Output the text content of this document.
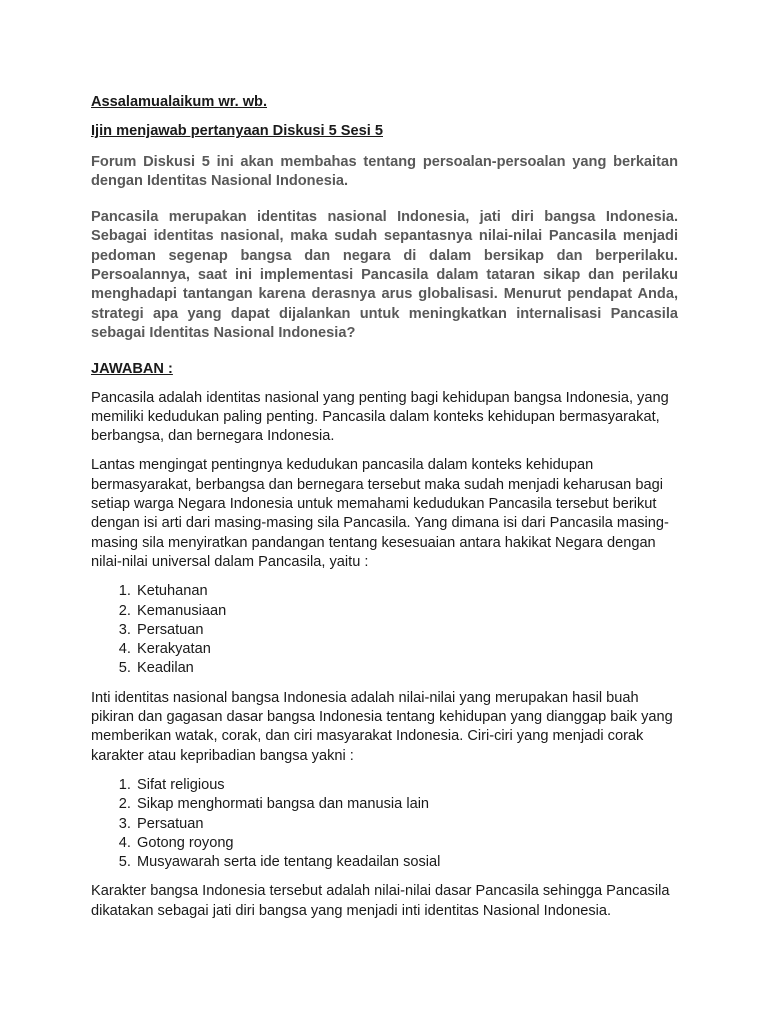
Assalamualaikum wr. wb.

Ijin menjawab pertanyaan Diskusi 5 Sesi 5

Forum Diskusi 5 ini akan membahas tentang persoalan-persoalan yang berkaitan dengan Identitas Nasional Indonesia.

Pancasila merupakan identitas nasional Indonesia, jati diri bangsa Indonesia. Sebagai identitas nasional, maka sudah sepantasnya nilai-nilai Pancasila menjadi pedoman segenap bangsa dan negara di dalam bersikap dan berperilaku. Persoalannya, saat ini implementasi Pancasila dalam tataran sikap dan perilaku menghadapi tantangan karena derasnya arus globalisasi. Menurut pendapat Anda, strategi apa yang dapat dijalankan untuk meningkatkan internalisasi Pancasila sebagai Identitas Nasional Indonesia?

JAWABAN :

Pancasila adalah identitas nasional yang penting bagi kehidupan bangsa Indonesia, yang memiliki kedudukan paling penting. Pancasila dalam konteks kehidupan bermasyarakat, berbangsa, dan bernegara Indonesia.

Lantas mengingat pentingnya kedudukan pancasila dalam konteks kehidupan bermasyarakat, berbangsa dan bernegara tersebut maka sudah menjadi keharusan bagi setiap warga Negara Indonesia untuk memahami kedudukan Pancasila tersebut berikut dengan isi arti dari masing-masing sila Pancasila. Yang dimana isi dari Pancasila masing-masing sila menyiratkan pandangan tentang kesesuaian antara hakikat Negara dengan nilai-nilai universal dalam Pancasila, yaitu :

1. Ketuhanan
2. Kemanusiaan
3. Persatuan
4. Kerakyatan
5. Keadilan

Inti identitas nasional bangsa Indonesia adalah nilai-nilai yang merupakan hasil buah pikiran dan gagasan dasar bangsa Indonesia tentang kehidupan yang dianggap baik yang memberikan watak, corak, dan ciri masyarakat Indonesia. Ciri-ciri yang menjadi corak karakter atau kepribadian bangsa yakni :

1. Sifat religious
2. Sikap menghormati bangsa dan manusia lain
3. Persatuan
4. Gotong royong
5. Musyawarah serta ide tentang keadailan sosial

Karakter bangsa Indonesia tersebut adalah nilai-nilai dasar Pancasila sehingga Pancasila dikatakan sebagai jati diri bangsa yang menjadi inti identitas Nasional Indonesia.
